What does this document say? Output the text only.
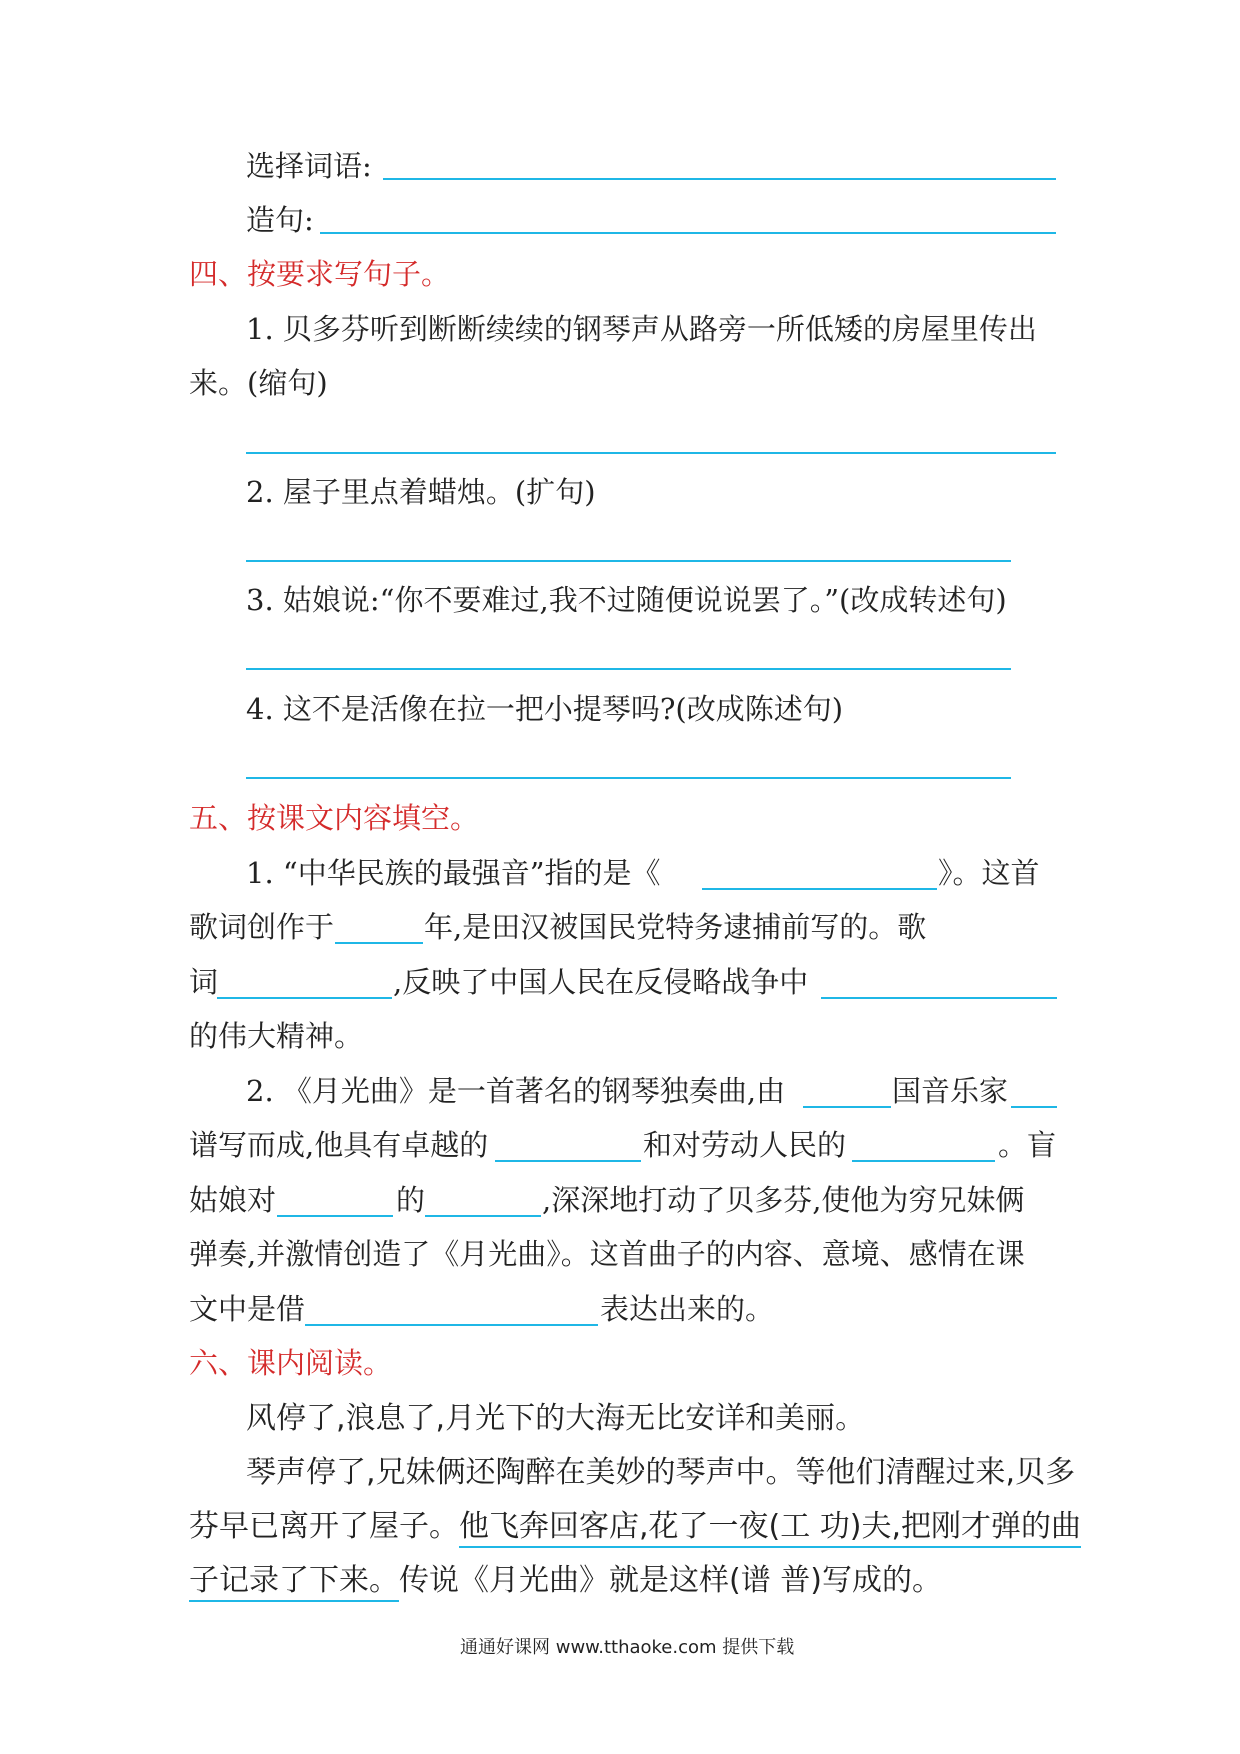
选择词语:
造句:
四、按要求写句子。
1. 贝多芬听到断断续续的钢琴声从路旁一所低矮的房屋里传出
来。(缩句)
2. 屋子里点着蜡烛。(扩句)
3. 姑娘说:“你不要难过,我不过随便说说罢了。”(改成转述句)
4. 这不是活像在拉一把小提琴吗?(改成陈述句)
五、按课文内容填空。
1. “中华民族的最强音”指的是《	》。这首
歌词创作于	年,是田汉被国民党特务逮捕前写的。歌
词	,反映了中国人民在反侵略战争中
的伟大精神。
2. 《月光曲》是一首著名的钢琴独奏曲,由	国音乐家
谱写而成,他具有卓越的	和对劳动人民的	。盲
姑娘对	的	,深深地打动了贝多芬,使他为穷兄妹俩
弹奏,并激情创造了《月光曲》。这首曲子的内容、意境、感情在课
文中是借	表达出来的。
六、课内阅读。
风停了,浪息了,月光下的大海无比安详和美丽。
琴声停了,兄妹俩还陶醉在美妙的琴声中。等他们清醒过来,贝多
芬早已离开了屋子。他飞奔回客店,花了一夜(工 功)夫,把刚才弹的曲
子记录了下来。传说《月光曲》就是这样(谱 普)写成的。
通通好课网 www.tthaoke.com 提供下载
